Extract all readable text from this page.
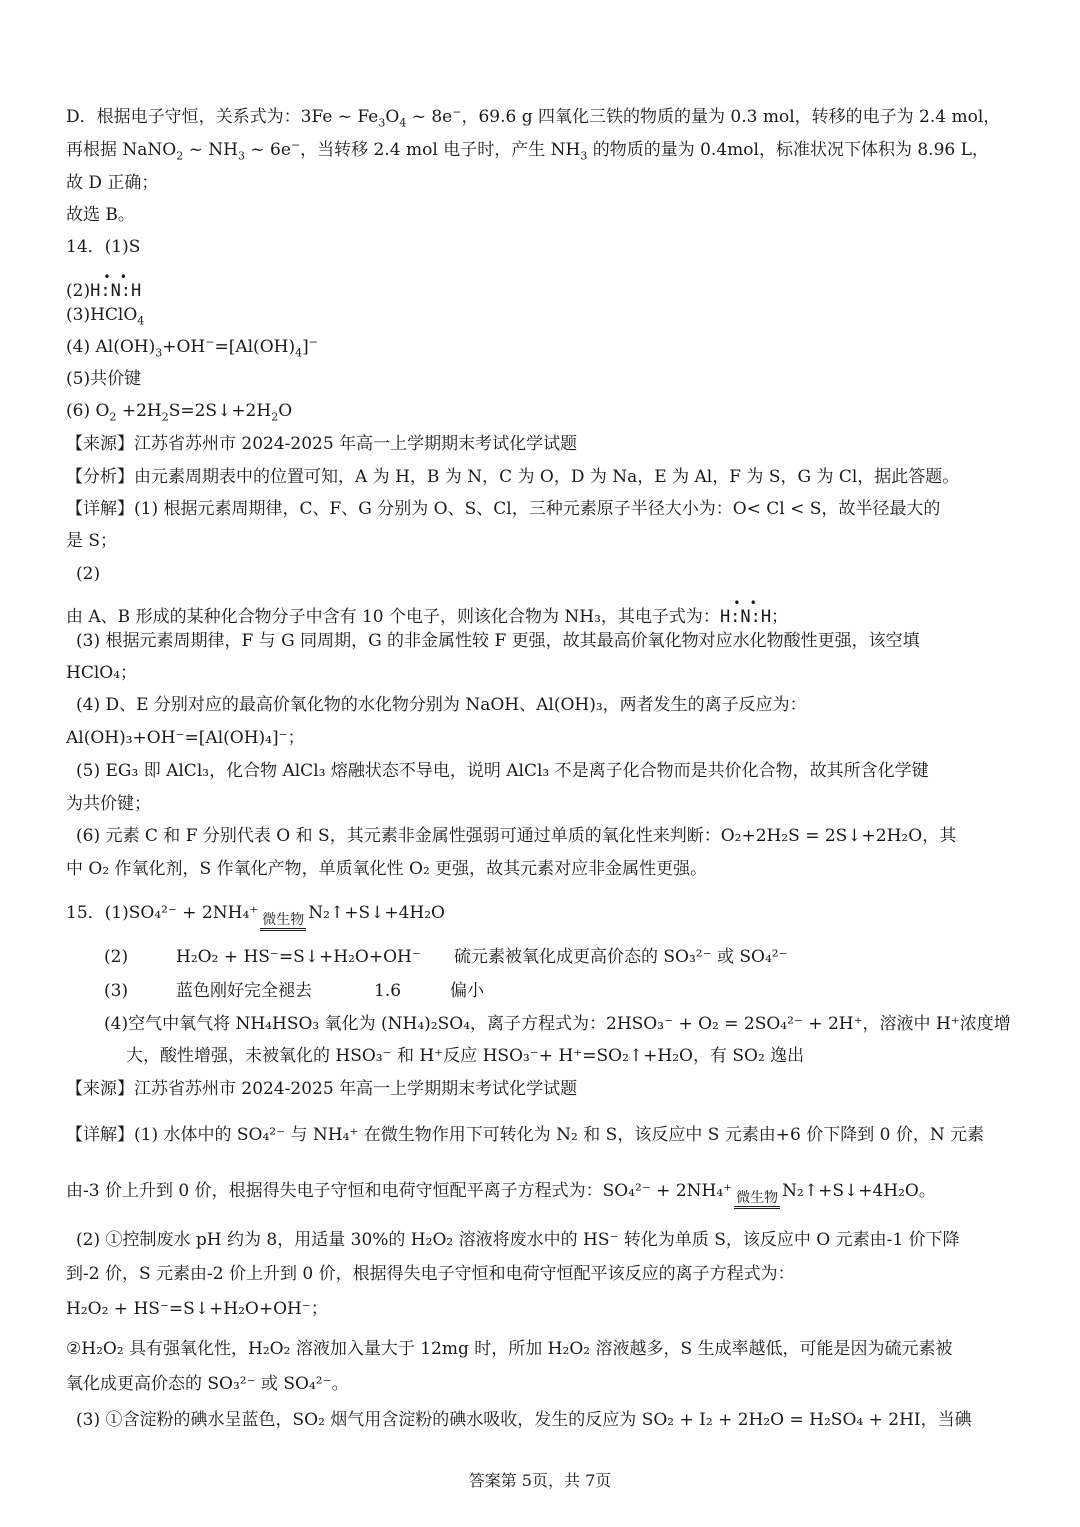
D．根据电子守恒，关系式为：3Fe ~ $Fe_3O_4$ ~ 8e−，69.6 g 四氧化三铁的物质的量为 0.3 mol，转移的电子为 2.4 mol，
再根据 NaNO$_2$ ~ $NH_3$ ~ 6e−，当转移 2.4 mol 电子时，产生 $NH_3$ 的物质的量为 0.4mol，标准状况下体积为 8.96 L，
故 D 正确；
故选 B。
14．(1)S
(2)
• •
H:N:H
(3)HClO$_4$
(4) $Al(OH)_3+OH^-=[Al(OH)_4]^-$
(5)共价键
(6) $O_2$ $+2H_2S=2S↓+2H_2O$
【来源】江苏省苏州市 2024-2025 年高一上学期期末考试化学试题
【分析】由元素周期表中的位置可知，A 为 H，B 为 N，C 为 O，D 为 Na，E 为 Al，F 为 S，G 为 Cl，据此答题。
【详解】(1) 根据元素周期律，C、F、G 分别为 O、S、Cl，三种元素原子半径大小为：O< Cl < S，故半径最大的
是 S；
(2)
由 A、B 形成的某种化合物分子中含有 10 个电子，则该化合物为 NH₃，其电子式为：
• •
H:N:H；
(3) 根据元素周期律，F 与 G 同周期，G 的非金属性较 F 更强，故其最高价氧化物对应水化物酸性更强，该空填
HClO₄；
(4) D、E 分别对应的最高价氧化物的水化物分别为 NaOH、Al(OH)₃，两者发生的离子反应为：
Al(OH)₃+OH⁻=[Al(OH)₄]⁻；
(5) EG₃ 即 AlCl₃，化合物 AlCl₃ 熔融状态不导电，说明 AlCl₃ 不是离子化合物而是共价化合物，故其所含化学键
为共价键；
(6) 元素 C 和 F 分别代表 O 和 S，其元素非金属性强弱可通过单质的氧化性来判断：O₂+2H₂S = 2S↓+2H₂O，其
中 O₂ 作氧化剂，S 作氧化产物，单质氧化性 O₂ 更强，故其元素对应非金属性更强。
15．(1)SO₄²⁻ + 2NH₄⁺ 微生物 N₂↑+S↓+4H₂O
(2)	H₂O₂ + HS⁻=S↓+H₂O+OH⁻ 硫元素被氧化成更高价态的 SO₃²⁻ 或 SO₄²⁻
(3)	蓝色刚好完全褪去	1.6	偏小
(4)空气中氧气将 NH₄HSO₃ 氧化为 (NH₄)₂SO₄，离子方程式为：2HSO₃⁻ + O₂ = 2SO₄²⁻ + 2H⁺，溶液中 H⁺浓度增
大，酸性增强，未被氧化的 HSO₃⁻ 和 H⁺反应 HSO₃⁻+ H⁺=SO₂↑+H₂O，有 SO₂ 逸出
【来源】江苏省苏州市 2024-2025 年高一上学期期末考试化学试题
【详解】(1) 水体中的 SO₄²⁻ 与 NH₄⁺ 在微生物作用下可转化为 N₂ 和 S，该反应中 S 元素由+6 价下降到 0 价，N 元素
由-3 价上升到 0 价，根据得失电子守恒和电荷守恒配平离子方程式为：SO₄²⁻ + 2NH₄⁺ 微生物 N₂↑+S↓+4H₂O。
(2) ①控制废水 pH 约为 8，用适量 30%的 H₂O₂ 溶液将废水中的 HS⁻ 转化为单质 S，该反应中 O 元素由-1 价下降
到-2 价，S 元素由-2 价上升到 0 价，根据得失电子守恒和电荷守恒配平该反应的离子方程式为：
H₂O₂ + HS⁻=S↓+H₂O+OH⁻；
②H₂O₂ 具有强氧化性，H₂O₂ 溶液加入量大于 12mg 时，所加 H₂O₂ 溶液越多，S 生成率越低，可能是因为硫元素被
氧化成更高价态的 SO₃²⁻ 或 SO₄²⁻。
(3) ①含淀粉的碘水呈蓝色，SO₂ 烟气用含淀粉的碘水吸收，发生的反应为 SO₂ + I₂ + 2H₂O = H₂SO₄ + 2HI，当碘
答案第 5页，共 7页
